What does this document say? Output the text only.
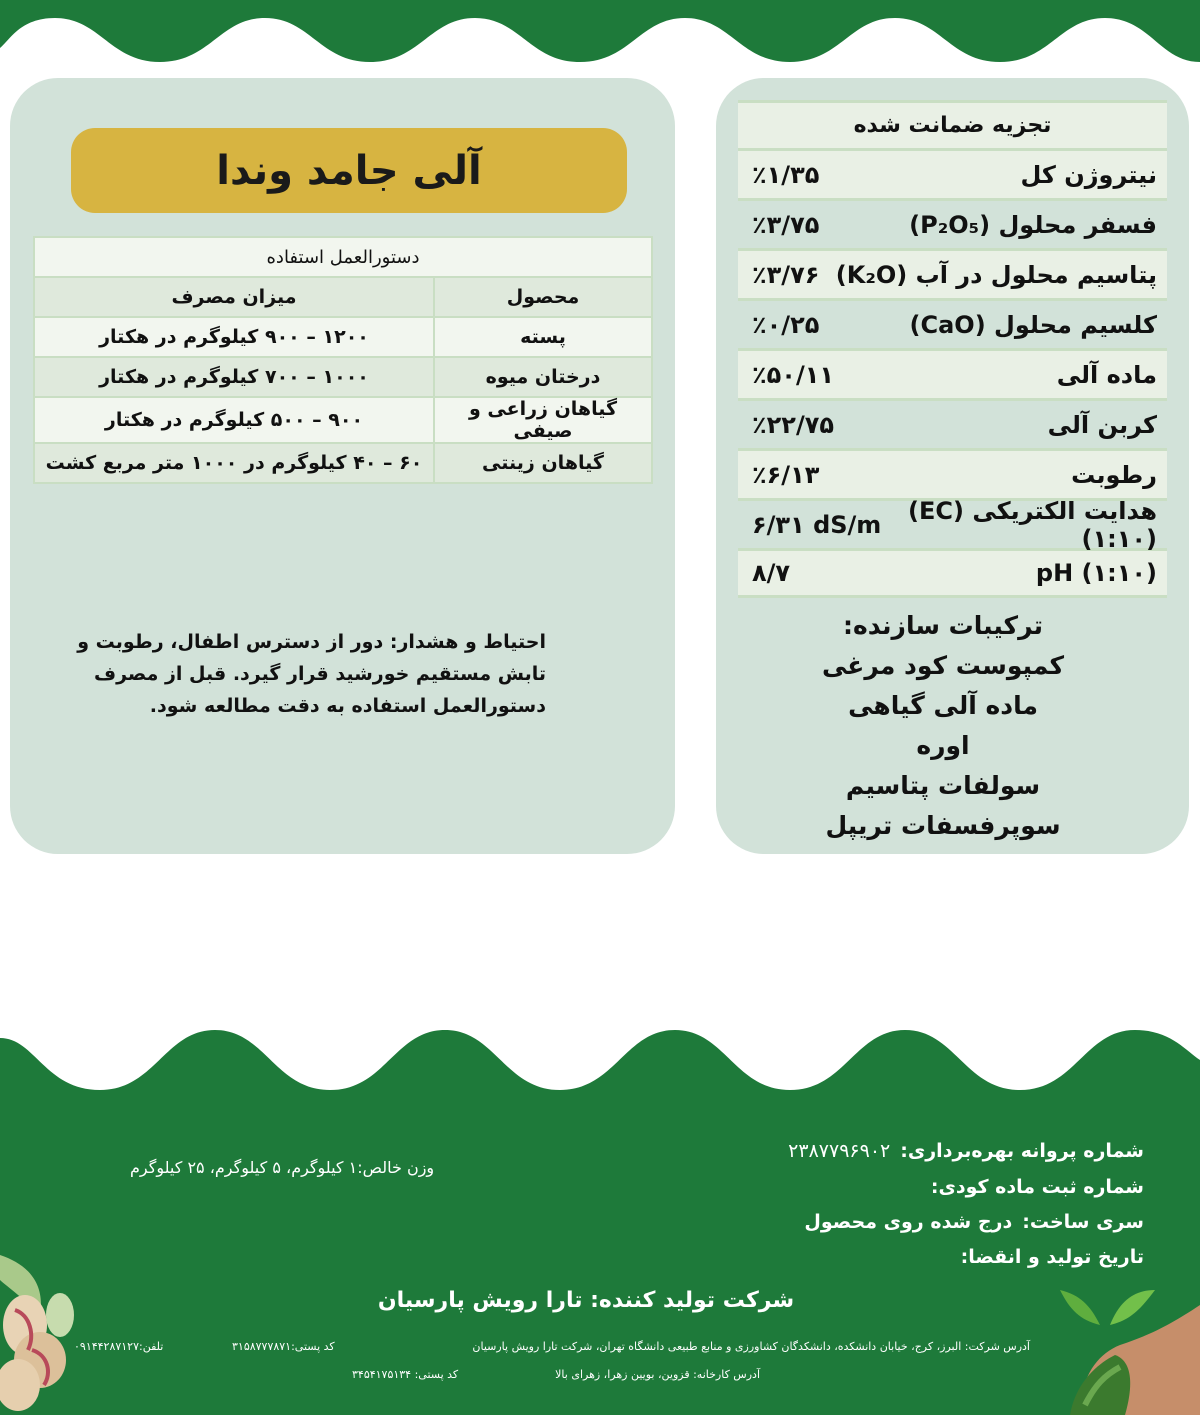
تجزیه ضمانت شده
٪۱/۳۵	نیتروژن کل
٪۳/۷۵	فسفر محلول (P₂O₅)
٪۳/۷۶ پتاسیم محلول در آب (K₂O)
٪۰/۲۵	کلسیم محلول (CaO)
٪۵۰/۱۱	ماده آلی
٪۲۲/۷۵	کربن آلی
٪۶/۱۳	رطوبت
۶/۳۱ dS/m	هدایت الکتریکی (EC) (۱:۱۰)
۸/۷	pH (۱:۱۰)
ترکیبات سازنده:
کمپوست کود مرغی
ماده آلی گیاهی
اوره
سولفات پتاسیم
سوپرفسفات تریپل
آلی جامد وندا
دستورالعمل استفاده	
محصول	میزان مصرف
پسته	۱۲۰۰ – ۹۰۰ کیلوگرم در هکتار
درختان میوه	۱۰۰۰ – ۷۰۰ کیلوگرم در هکتار
گیاهان زراعی و صیفی	۹۰۰ – ۵۰۰ کیلوگرم در هکتار
گیاهان زینتی	۶۰ – ۴۰ کیلوگرم در ۱۰۰۰ متر مربع کشت
احتیاط و هشدار: دور از دسترس اطفال، رطوبت و تابش مستقیم خورشید قرار گیرد. قبل از مصرف دستورالعمل استفاده به دقت مطالعه شود.
شماره پروانه بهره‌برداری:۲۳۸۷۷۹۶۹۰۲
شماره ثبت ماده کودی:
سری ساخت:درج شده روی محصول
تاریخ تولید و انقضا:
وزن خالص:۱ کیلوگرم، ۵ کیلوگرم، ۲۵ کیلوگرم
شرکت تولید کننده: تارا رویش پارسیان
آدرس شرکت: البرز، کرج، خیابان دانشکده، دانشکدگان کشاورزی و منابع طبیعی دانشگاه تهران، شرکت تارا رویش پارسیان
کد پستی:۳۱۵۸۷۷۷۸۷۱
تلفن:۰۹۱۴۴۲۸۷۱۲۷
آدرس کارخانه: قزوین، بویین زهرا، زهرای بالا
کد پستی: ۳۴۵۴۱۷۵۱۳۴
